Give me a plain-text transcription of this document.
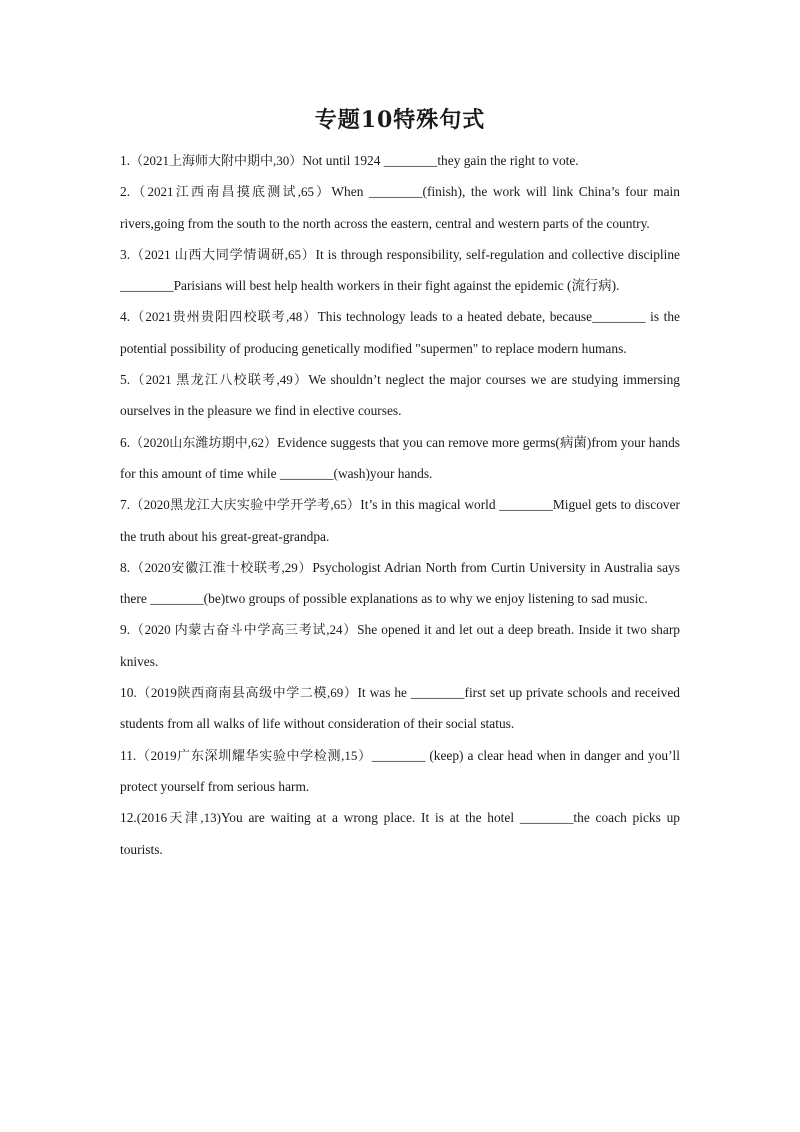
专题10特殊句式

1.（2021上海师大附中期中,30）Not until 1924 ________they gain the right to vote.

2.（2021江西南昌摸底测试,65）When ________(finish), the work will link China’s four main rivers,going from the south to the north across the eastern, central and western parts of the country.

3.（2021 山西大同学情调研,65）It is through responsibility, self-regulation and collective discipline ________Parisians will best help health workers in their fight against the epidemic (流行病).

4.（2021贵州贵阳四校联考,48）This technology leads to a heated debate, because________ is the potential possibility of producing genetically modified "supermen" to replace modern humans.

5.（2021 黑龙江八校联考,49）We shouldn’t neglect the major courses we are studying immersing ourselves in the pleasure we find in elective courses.

6.（2020山东潍坊期中,62）Evidence suggests that you can remove more germs(病菌)from your hands for this amount of time while ________(wash)your hands.

7.（2020黑龙江大庆实验中学开学考,65）It’s in this magical world ________Miguel gets to discover the truth about his great-great-grandpa.

8.（2020安徽江淮十校联考,29）Psychologist Adrian North from Curtin University in Australia says there ________(be)two groups of possible explanations as to why we enjoy listening to sad music.

9.（2020 内蒙古奋斗中学高三考试,24）She opened it and let out a deep breath. Inside it two sharp knives.

10.（2019陕西商南县高级中学二模,69）It was he ________first set up private schools and received students from all walks of life without consideration of their social status.

11.（2019广东深圳耀华实验中学检测,15）________ (keep) a clear head when in danger and you’ll protect yourself from serious harm.

12.(2016天津,13)You are waiting at a wrong place. It is at the hotel ________the coach picks up tourists.
